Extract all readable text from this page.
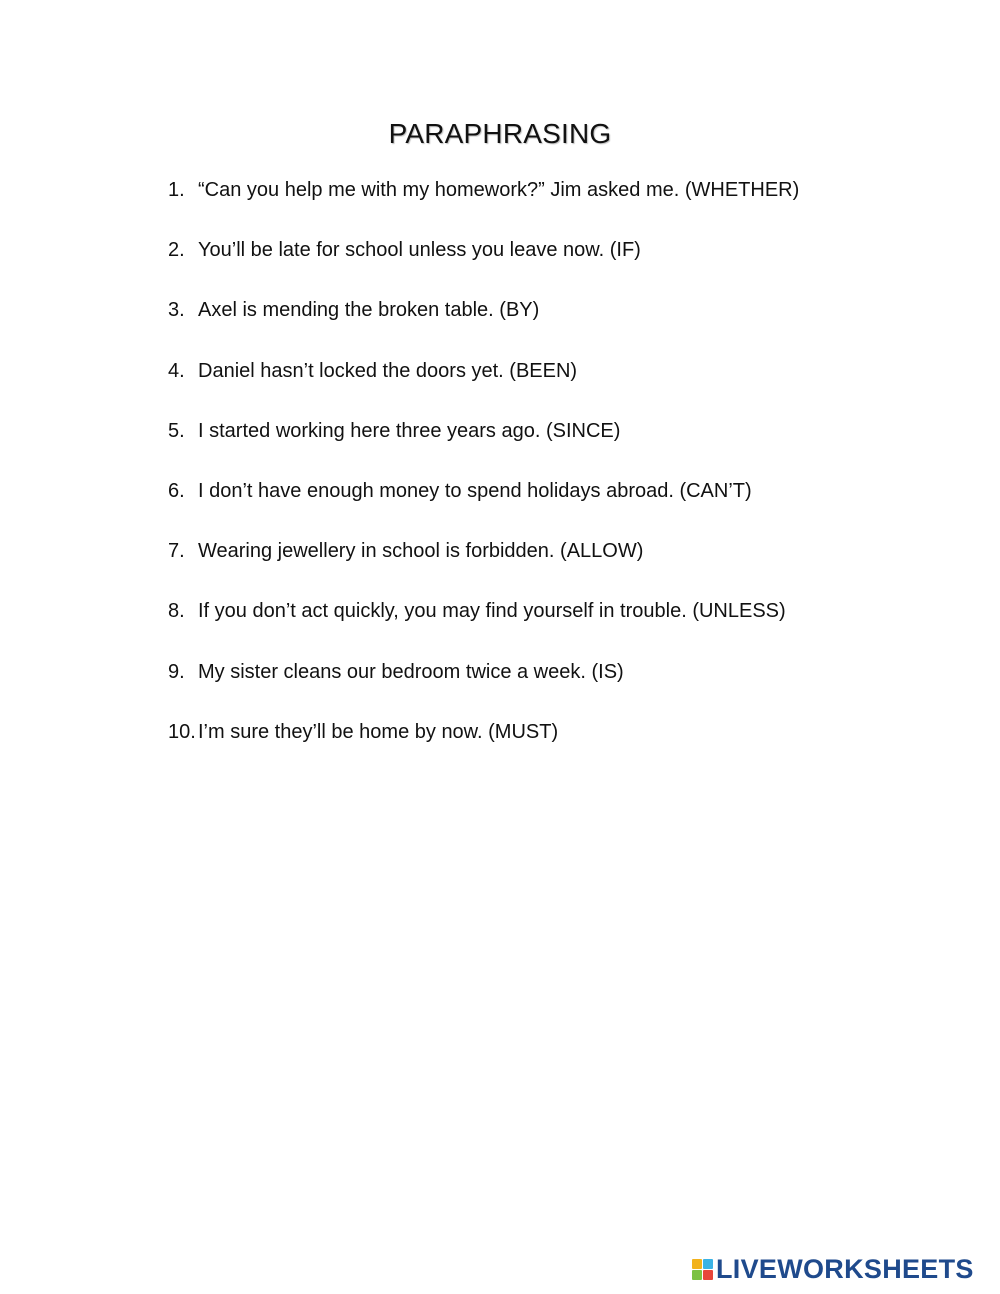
PARAPHRASING
1. “Can you help me with my homework?” Jim asked me. (WHETHER)
2. You’ll be late for school unless you leave now. (IF)
3. Axel is mending the broken table. (BY)
4. Daniel hasn’t locked the doors yet. (BEEN)
5. I started working here three years ago. (SINCE)
6. I don’t have enough money to spend holidays abroad. (CAN’T)
7. Wearing jewellery in school is forbidden. (ALLOW)
8. If you don’t act quickly, you may find yourself in trouble. (UNLESS)
9. My sister cleans our bedroom twice a week. (IS)
10. I’m sure they’ll be home by now. (MUST)
LIVEWORKSHEETS
